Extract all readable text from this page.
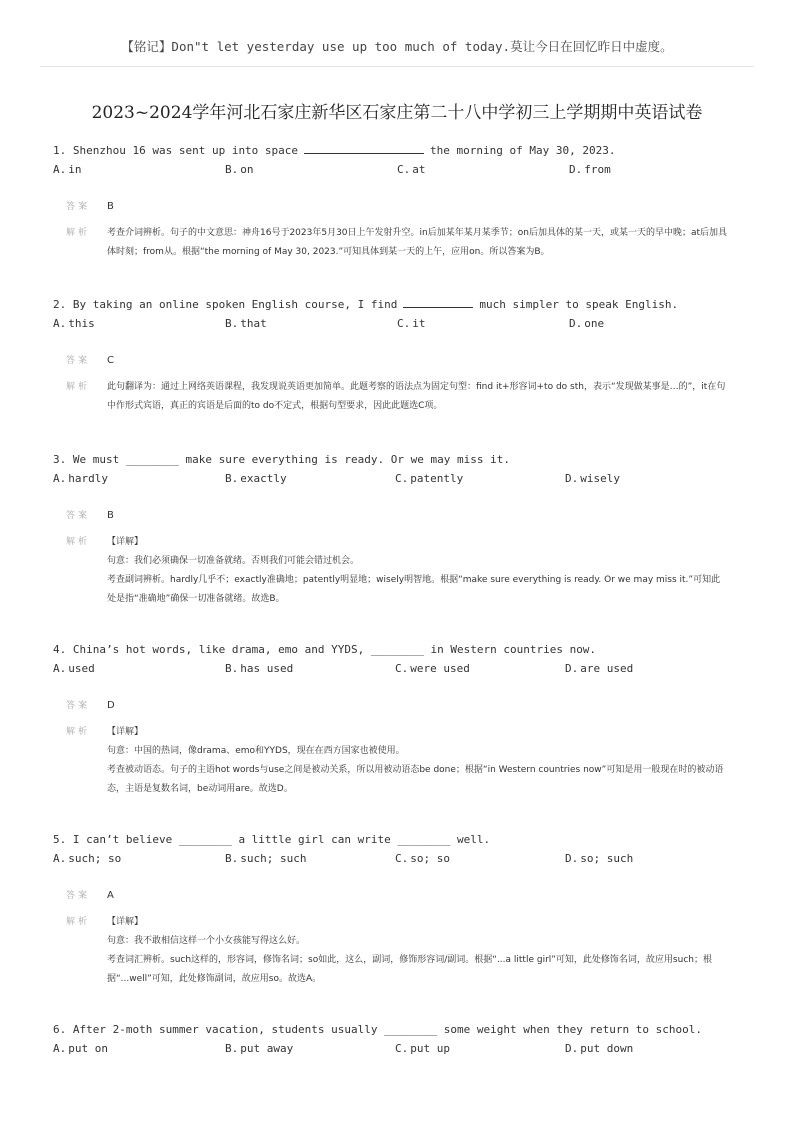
【铭记】Don"t let yesterday use up too much of today.莫让今日在回忆昨日中虚度。
2023~2024学年河北石家庄新华区石家庄第二十八中学初三上学期期中英语试卷
1. Shenzhou 16 was sent up into space	the morning of May 30, 2023.
A. in	B. on	C. at	D. from
答案 B
解析 考查介词辨析。句子的中文意思：神舟16号于2023年5月30日上午发射升空。in后加某年某月某季节；on后加具体的某一天，或某一天的早中晚；at后加具体时刻；from从。根据“the morning of May 30, 2023.”可知具体到某一天的上午，应用on。所以答案为B。
2. By taking an online spoken English course, I find	much simpler to speak English.
A. this	B. that	C. it	D. one
答案 C
解析 此句翻译为：通过上网络英语课程，我发现说英语更加简单。此题考察的语法点为固定句型：find it+形容词+to do sth，表示“发现做某事是…的”，it在句中作形式宾语，真正的宾语是后面的to do不定式，根据句型要求，因此此题选C项。
3. We must ________ make sure everything is ready. Or we may miss it.
A. hardly	B. exactly	C. patently	D. wisely
答案 B
解析 【详解】
句意：我们必须确保一切准备就绪。否则我们可能会错过机会。
考查副词辨析。hardly几乎不；exactly准确地；patently明显地；wisely明智地。根据“make sure everything is ready. Or we may miss it.”可知此处是指“准确地”确保一切准备就绪。故选B。
4. China’s hot words, like drama, emo and YYDS, ________ in Western countries now.
A. used	B. has used	C. were used	D. are used
答案 D
解析 【详解】
句意：中国的热词，像drama、emo和YYDS，现在在西方国家也被使用。
考查被动语态。句子的主语hot words与use之间是被动关系，所以用被动语态be done；根据“in Western countries now”可知是用一般现在时的被动语态，主语是复数名词，be动词用are。故选D。
5. I can’t believe ________ a little girl can write ________ well.
A. such; so	B. such; such	C. so; so	D. so; such
答案 A
解析 【详解】
句意：我不敢相信这样一个小女孩能写得这么好。
考查词汇辨析。such这样的，形容词，修饰名词；so如此，这么，副词，修饰形容词/副词。根据“...a little girl”可知，此处修饰名词，故应用such；根据“...well”可知，此处修饰副词，故应用so。故选A。
6. After 2-moth summer vacation, students usually ________ some weight when they return to school.
A. put on	B. put away	C. put up	D. put down
